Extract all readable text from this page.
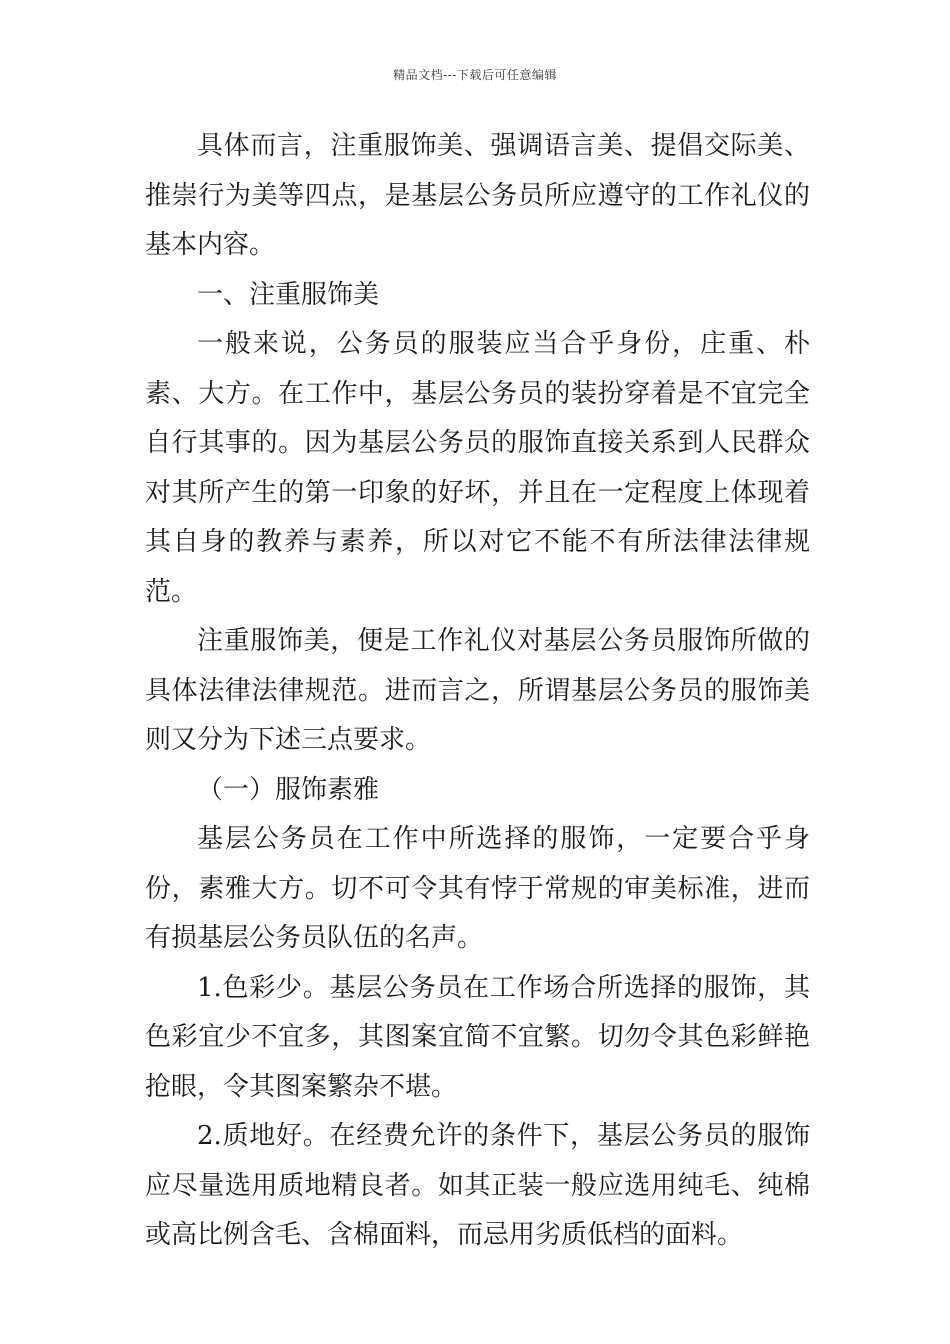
精品文档---下载后可任意编辑

具体而言，注重服饰美、强调语言美、提倡交际美、推崇行为美等四点，是基层公务员所应遵守的工作礼仪的基本内容。

一、注重服饰美

一般来说，公务员的服装应当合乎身份，庄重、朴素、大方。在工作中，基层公务员的装扮穿着是不宜完全自行其事的。因为基层公务员的服饰直接关系到人民群众对其所产生的第一印象的好坏，并且在一定程度上体现着其自身的教养与素养，所以对它不能不有所法律法律规范。

注重服饰美，便是工作礼仪对基层公务员服饰所做的具体法律法律规范。进而言之，所谓基层公务员的服饰美则又分为下述三点要求。

（一）服饰素雅

基层公务员在工作中所选择的服饰，一定要合乎身份，素雅大方。切不可令其有悖于常规的审美标准，进而有损基层公务员队伍的名声。

1.色彩少。基层公务员在工作场合所选择的服饰，其色彩宜少不宜多，其图案宜简不宜繁。切勿令其色彩鲜艳抢眼，令其图案繁杂不堪。

2.质地好。在经费允许的条件下，基层公务员的服饰应尽量选用质地精良者。如其正装一般应选用纯毛、纯棉或高比例含毛、含棉面料，而忌用劣质低档的面料。
